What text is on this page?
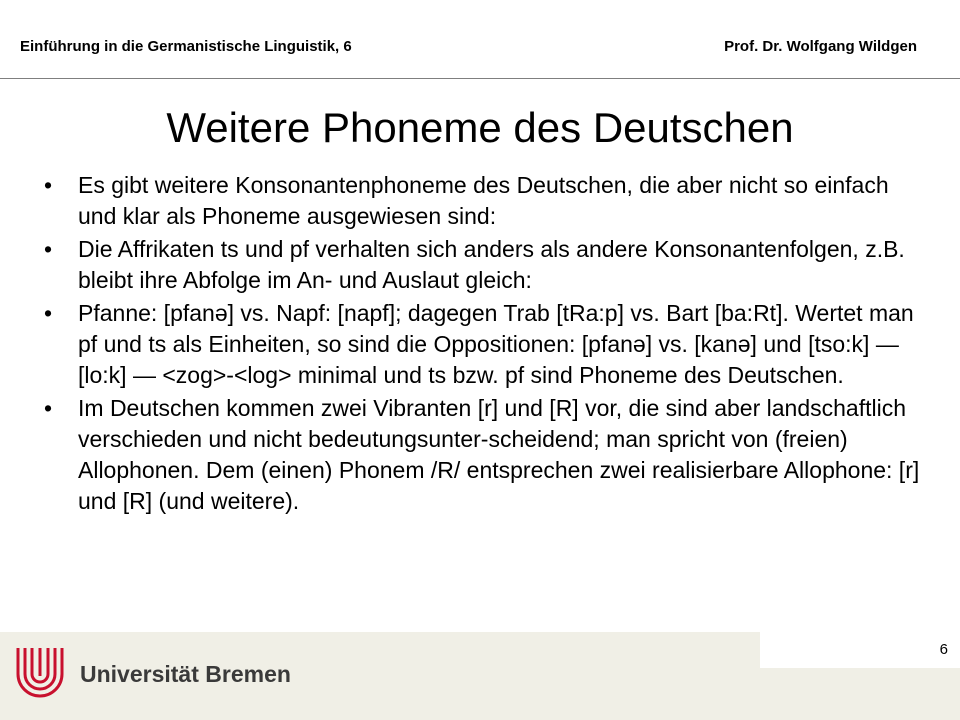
Einführung in die Germanistische Linguistik, 6	Prof. Dr. Wolfgang Wildgen
Weitere Phoneme des Deutschen
• Es gibt weitere Konsonantenphoneme des Deutschen, die aber nicht so einfach und klar als Phoneme ausgewiesen sind:
• Die Affrikaten ts und pf verhalten sich anders als andere Konsonantenfolgen, z.B. bleibt ihre Abfolge im An- und Auslaut gleich:
• Pfanne: [pfanə] vs. Napf: [napf]; dagegen Trab [tRa:p] vs. Bart [ba:Rt]. Wertet man pf und ts als Einheiten, so sind die Oppositionen: [pfanə] vs. [kanə] und [tso:k] — [lo:k] — <zog>-<log> minimal und ts bzw. pf sind Phoneme des Deutschen.
• Im Deutschen kommen zwei Vibranten [r] und [R] vor, die sind aber landschaftlich verschieden und nicht bedeutungsunter-scheidend; man spricht von (freien) Allophonen. Dem (einen) Phonem /R/ entsprechen zwei realisierbare Allophone: [r] und [R] (und weitere).
6
Universität Bremen
